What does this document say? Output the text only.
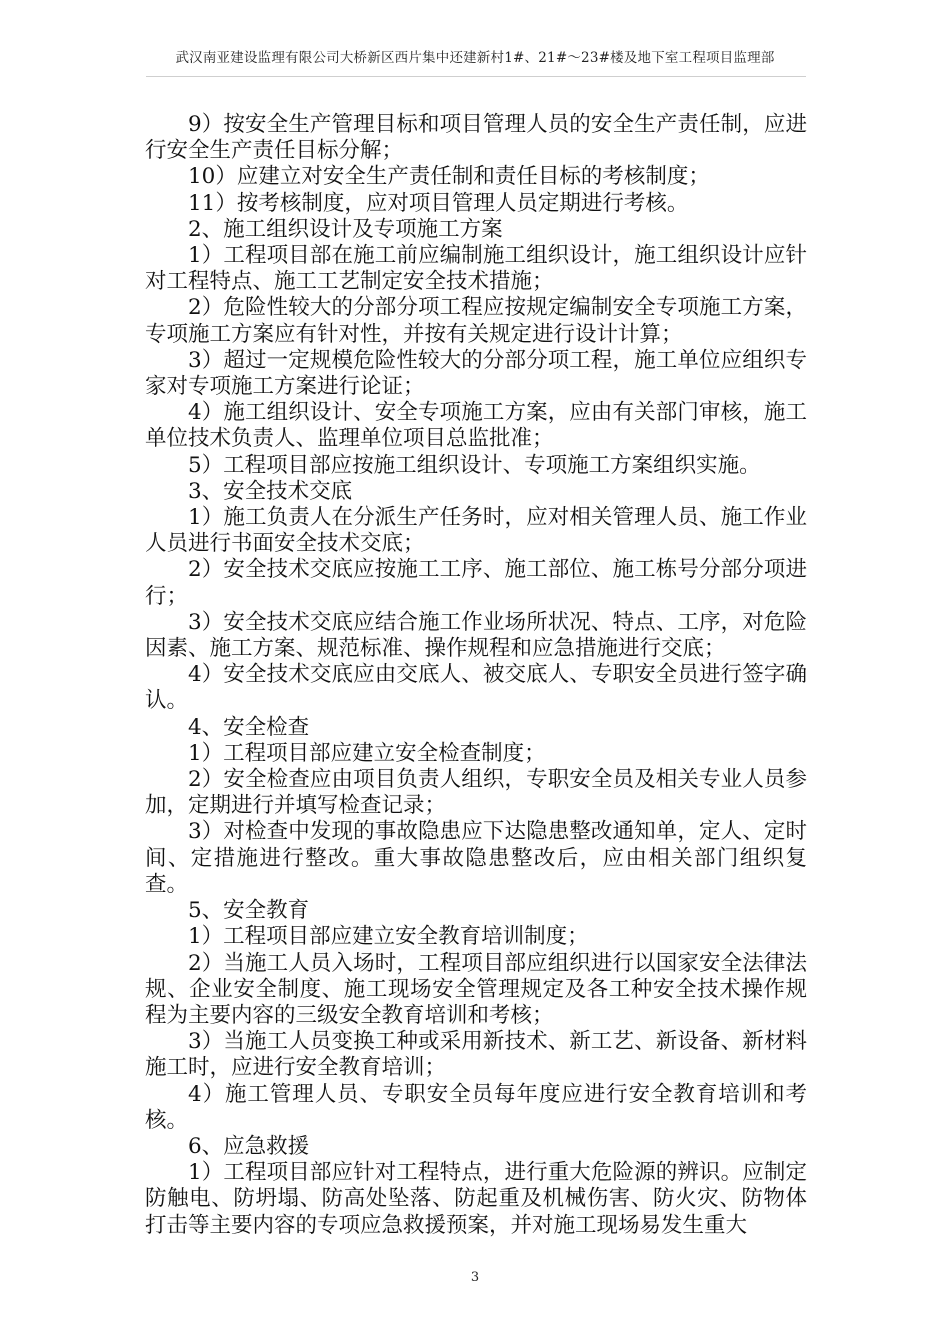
武汉南亚建设监理有限公司大桥新区西片集中还建新村1#、21#～23#楼及地下室工程项目监理部

9）按安全生产管理目标和项目管理人员的安全生产责任制，应进行安全生产责任目标分解；

10）应建立对安全生产责任制和责任目标的考核制度；

11）按考核制度，应对项目管理人员定期进行考核。

2、施工组织设计及专项施工方案

1）工程项目部在施工前应编制施工组织设计，施工组织设计应针对工程特点、施工工艺制定安全技术措施；

2）危险性较大的分部分项工程应按规定编制安全专项施工方案，专项施工方案应有针对性，并按有关规定进行设计计算；

3）超过一定规模危险性较大的分部分项工程，施工单位应组织专家对专项施工方案进行论证；

4）施工组织设计、安全专项施工方案，应由有关部门审核，施工单位技术负责人、监理单位项目总监批准；

5）工程项目部应按施工组织设计、专项施工方案组织实施。

3、安全技术交底

1）施工负责人在分派生产任务时，应对相关管理人员、施工作业人员进行书面安全技术交底；

2）安全技术交底应按施工工序、施工部位、施工栋号分部分项进行；

3）安全技术交底应结合施工作业场所状况、特点、工序，对危险因素、施工方案、规范标准、操作规程和应急措施进行交底；

4）安全技术交底应由交底人、被交底人、专职安全员进行签字确认。

4、安全检查

1）工程项目部应建立安全检查制度；

2）安全检查应由项目负责人组织，专职安全员及相关专业人员参加，定期进行并填写检查记录；

3）对检查中发现的事故隐患应下达隐患整改通知单，定人、定时间、定措施进行整改。重大事故隐患整改后，应由相关部门组织复查。

5、安全教育

1）工程项目部应建立安全教育培训制度；

2）当施工人员入场时，工程项目部应组织进行以国家安全法律法规、企业安全制度、施工现场安全管理规定及各工种安全技术操作规程为主要内容的三级安全教育培训和考核；

3）当施工人员变换工种或采用新技术、新工艺、新设备、新材料施工时，应进行安全教育培训；

4）施工管理人员、专职安全员每年度应进行安全教育培训和考核。

6、应急救援

1）工程项目部应针对工程特点，进行重大危险源的辨识。应制定防触电、防坍塌、防高处坠落、防起重及机械伤害、防火灾、防物体打击等主要内容的专项应急救援预案，并对施工现场易发生重大

3
